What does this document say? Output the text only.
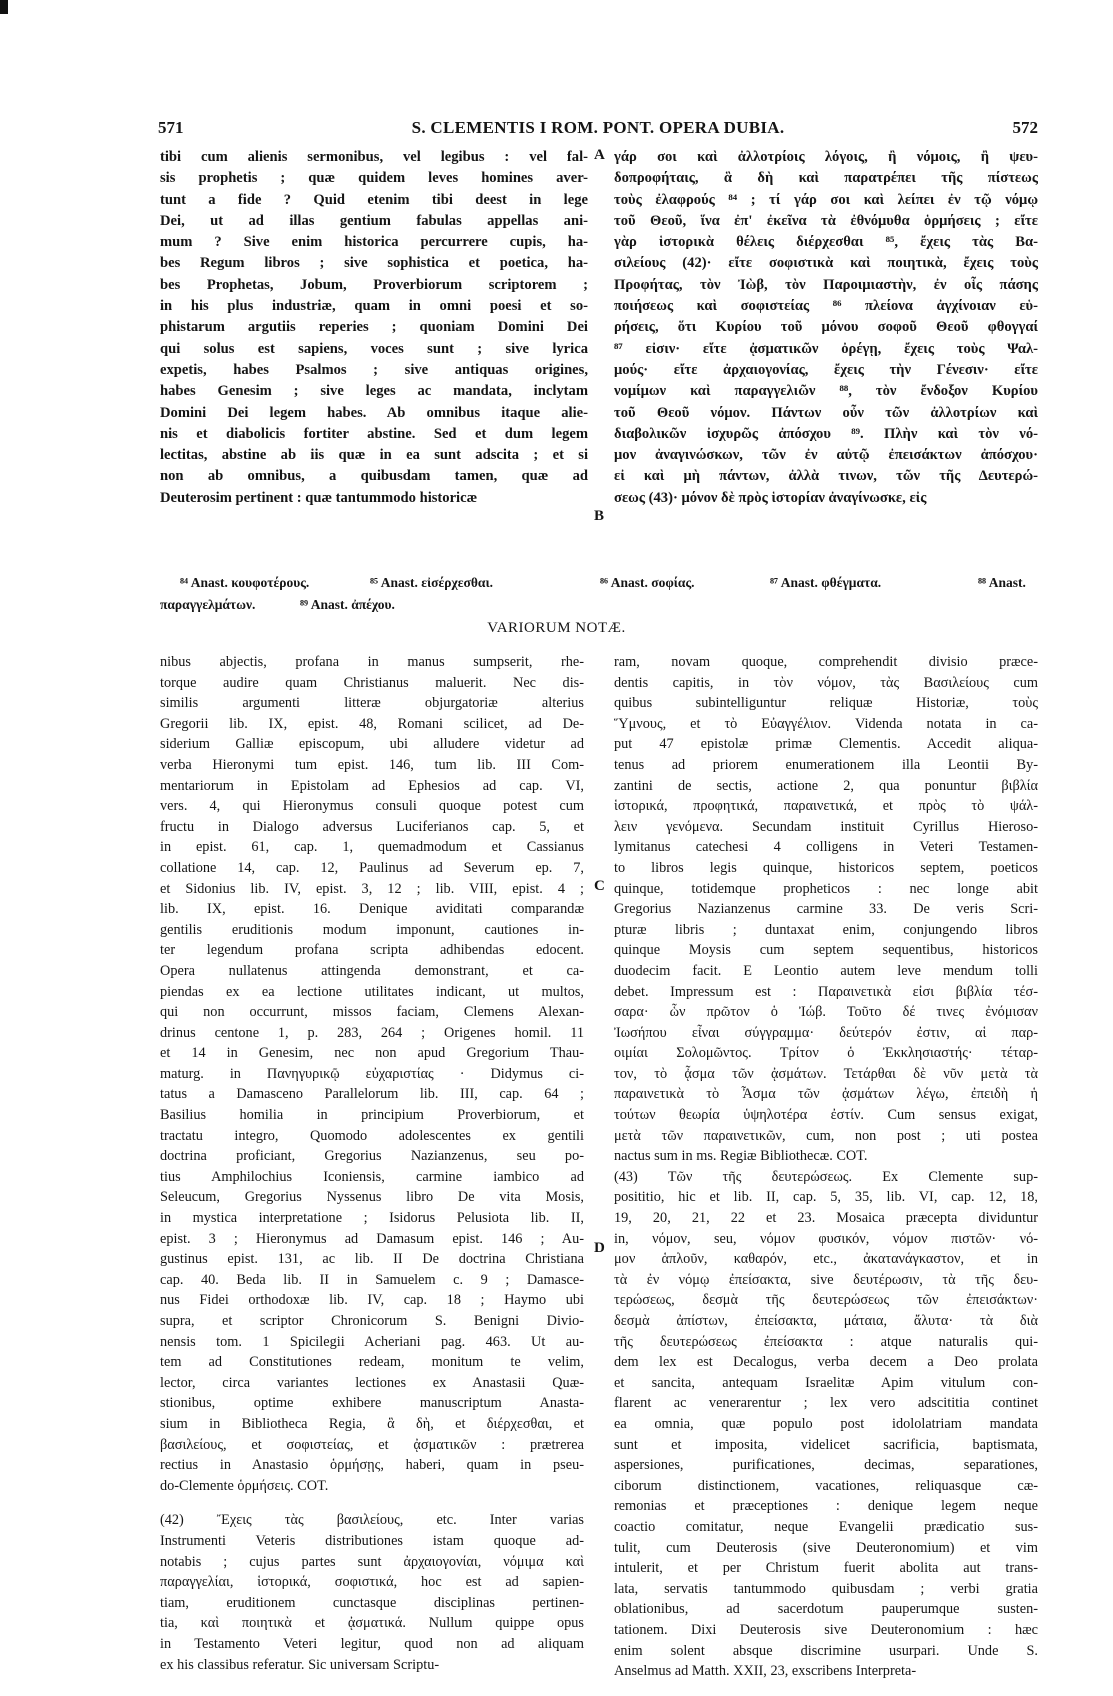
571	S. CLEMENTIS I ROM. PONT. OPERA DUBIA.	572
tibi cum alienis sermonibus, vel legibus : vel fal-
sis prophetis ; quæ quidem leves homines aver-
tunt a fide ? Quid etenim tibi deest in lege
Dei, ut ad illas gentium fabulas appellas ani-
mum ? Sive enim historica percurrere cupis, ha-
bes Regum libros ; sive sophistica et poetica, ha-
bes Prophetas, Jobum, Proverbiorum scriptorem ;
in his plus industriæ, quam in omni poesi et so-
phistarum argutiis reperies ; quoniam Domini Dei
qui solus est sapiens, voces sunt ; sive lyrica
expetis, habes Psalmos ; sive antiquas origines,
habes Genesim ; sive leges ac mandata, inclytam
Domini Dei legem habes. Ab omnibus itaque alie-
nis et diabolicis fortiter abstine. Sed et dum legem
lectitas, abstine ab iis quæ in ea sunt adscita ; et si
non ab omnibus, a quibusdam tamen, quæ ad
Deuterosim pertinent : quæ tantummodo historicæ
γάρ σοι καὶ ἀλλοτρίοις λόγοις, ἢ νόμοις, ἢ ψευ-
δοπροφήταις, ἃ δὴ καὶ παρατρέπει τῆς πίστεως
τοὺς ἐλαφρούς ⁸⁴ ; τί γάρ σοι καὶ λείπει ἐν τῷ νόμῳ
τοῦ Θεοῦ, ἵνα ἐπ' ἐκεῖνα τὰ ἐθνόμυθα ὁρμήσεις ; εἴτε
γὰρ ἱστορικὰ θέλεις διέρχεσθαι ⁸⁵, ἔχεις τὰς Βα-
σιλείους (42)· εἴτε σοφιστικὰ καὶ ποιητικὰ, ἔχεις τοὺς
Προφήτας, τὸν Ἰὼβ, τὸν Παροιμιαστὴν, ἐν οἷς πάσης
ποιήσεως καὶ σοφιστείας ⁸⁶ πλείονα ἀγχίνοιαν εὑ-
ρήσεις, ὅτι Κυρίου τοῦ μόνου σοφοῦ Θεοῦ φθογγαί
⁸⁷ εἰσιν· εἴτε ᾀσματικῶν ὀρέγῃ, ἔχεις τοὺς Ψαλ-
μούς· εἴτε ἀρχαιογονίας, ἔχεις τὴν Γένεσιν· εἴτε
νομίμων καὶ παραγγελιῶν ⁸⁸, τὸν ἔνδοξον Κυρίου
τοῦ Θεοῦ νόμον. Πάντων οὖν τῶν ἀλλοτρίων καὶ
διαβολικῶν ἰσχυρῶς ἀπόσχου ⁸⁹. Πλὴν καὶ τὸν νό-
μον ἀναγινώσκων, τῶν ἐν αὐτῷ ἐπεισάκτων ἀπόσχου·
εἰ καὶ μὴ πάντων, ἀλλὰ τινων, τῶν τῆς Δευτερώ-
σεως (43)· μόνον δὲ πρὸς ἱστορίαν ἀναγίνωσκε, εἰς
A
B
C
D
⁸⁴ Anast. κουφοτέρους.	⁸⁵ Anast. εἰσέρχεσθαι.	⁸⁶ Anast. σοφίας.	⁸⁷ Anast. φθέγματα.	⁸⁸ Anast.
παραγγελμάτων.	⁸⁹ Anast. ἀπέχου.
VARIORUM NOTÆ.
nibus abjectis, profana in manus sumpserit, rhe-
torque audire quam Christianus maluerit. Nec dis-
similis argumenti litteræ objurgatoriæ alterius
Gregorii lib. IX, epist. 48, Romani scilicet, ad De-
siderium Galliæ episcopum, ubi alludere videtur ad
verba Hieronymi tum epist. 146, tum lib. III Com-
mentariorum in Epistolam ad Ephesios ad cap. VI,
vers. 4, qui Hieronymus consuli quoque potest cum
fructu in Dialogo adversus Luciferianos cap. 5, et
in epist. 61, cap. 1, quemadmodum et Cassianus
collatione 14, cap. 12, Paulinus ad Severum ep. 7,
et Sidonius lib. IV, epist. 3, 12 ; lib. VIII, epist. 4 ;
lib. IX, epist. 16. Denique aviditati comparandæ
gentilis eruditionis modum imponunt, cautiones in-
ter legendum profana scripta adhibendas edocent.
Opera nullatenus attingenda demonstrant, et ca-
piendas ex ea lectione utilitates indicant, ut multos,
qui non occurrunt, missos faciam, Clemens Alexan-
drinus centone 1, p. 283, 264 ; Origenes homil. 11
et 14 in Genesim, nec non apud Gregorium Thau-
maturg. in Πανηγυρικῷ εὐχαριστίας · Didymus ci-
tatus a Damasceno Parallelorum lib. III, cap. 64 ;
Basilius homilia in principium Proverbiorum, et
tractatu integro, Quomodo adolescentes ex gentili
doctrina proficiant, Gregorius Nazianzenus, seu po-
tius Amphilochius Iconiensis, carmine iambico ad
Seleucum, Gregorius Nyssenus libro De vita Mosis,
in mystica interpretatione ; Isidorus Pelusiota lib. II,
epist. 3 ; Hieronymus ad Damasum epist. 146 ; Au-
gustinus epist. 131, ac lib. II De doctrina Christiana
cap. 40. Beda lib. II in Samuelem c. 9 ; Damasce-
nus Fidei orthodoxæ lib. IV, cap. 18 ; Haymo ubi
supra, et scriptor Chronicorum S. Benigni Divio-
nensis tom. 1 Spicilegii Acheriani pag. 463. Ut au-
tem ad Constitutiones redeam, monitum te velim,
lector, circa variantes lectiones ex Anastasii Quæ-
stionibus, optime exhibere manuscriptum Anasta-
sium in Bibliotheca Regia, ἃ δὴ, et διέρχεσθαι, et
βασιλείους, et σοφιστείας, et ᾀσματικῶν : prætrerea
rectius in Anastasio ὁρμήσῃς, haberi, quam in pseu-
do-Clemente ὁρμήσεις. COT.
(42) Ἔχεις τὰς βασιλείους, etc. Inter varias
Instrumenti Veteris distributiones istam quoque ad-
notabis ; cujus partes sunt ἀρχαιογονίαι, νόμιμα καὶ
παραγγελίαι, ἱστορικά, σοφιστικά, hoc est ad sapien-
tiam, eruditionem cunctasque disciplinas pertinen-
tia, καὶ ποιητικὰ et ᾀσματικά. Nullum quippe opus
in Testamento Veteri legitur, quod non ad aliquam
ex his classibus referatur. Sic universam Scriptu-
ram, novam quoque, comprehendit divisio præce-
dentis capitis, in τὸν νόμον, τὰς Βασιλείους cum
quibus subintelliguntur reliquæ Historiæ, τοὺς
Ὕμνους, et τὸ Εὐαγγέλιον. Videnda notata in ca-
put 47 epistolæ primæ Clementis. Accedit aliqua-
tenus ad priorem enumerationem illa Leontii By-
zantini de sectis, actione 2, qua ponuntur βιβλία
ἱστορικά, προφητικά, παραινετικά, et πρὸς τὸ ψάλ-
λειν γενόμενα. Secundam instituit Cyrillus Hieroso-
lymitanus catechesi 4 colligens in Veteri Testamen-
to libros legis quinque, historicos septem, poeticos
quinque, totidemque propheticos : nec longe abit
Gregorius Nazianzenus carmine 33. De veris Scri-
pturæ libris ; duntaxat enim, conjungendo libros
quinque Moysis cum septem sequentibus, historicos
duodecim facit. E Leontio autem leve mendum tolli
debet. Impressum est : Παραινετικὰ εἰσι βιβλία τέσ-
σαρα· ὧν πρῶτον ὁ Ἰώβ. Τοῦτο δέ τινες ἐνόμισαν
Ἰωσήπου εἶναι σύγγραμμα· δεύτερόν ἐστιν, αἱ παρ-
οιμίαι Σολομῶντος. Τρίτον ὁ Ἐκκλησιαστής· τέταρ-
τον, τὸ ᾆσμα τῶν ᾀσμάτων. Τετάρθαι δὲ νῦν μετὰ τὰ
παραινετικὰ τὸ Ἆσμα τῶν ᾀσμάτων λέγω, ἐπειδὴ ἡ
τούτων θεωρία ὑψηλοτέρα ἐστίν. Cum sensus exigat,
μετὰ τῶν παραινετικῶν, cum, non post ; uti postea
nactus sum in ms. Regiæ Bibliothecæ. COT.
(43) Τῶν τῆς δευτερώσεως. Ex Clemente sup-
posititio, hic et lib. II, cap. 5, 35, lib. VI, cap. 12, 18,
19, 20, 21, 22 et 23. Mosaica præcepta dividuntur
in, νόμον, seu, νόμον φυσικόν, νόμον πιστῶν· νό-
μον ἁπλοῦν, καθαρόν, etc., ἀκατανάγκαστον, et in
τὰ ἐν νόμῳ ἐπείσακτα, sive δευτέρωσιν, τὰ τῆς δευ-
τερώσεως, δεσμὰ τῆς δευτερώσεως τῶν ἐπεισάκτων·
δεσμὰ ἀπίστων, ἐπείσακτα, μάταια, ἄλυτα· τὰ διὰ
τῆς δευτερώσεως ἐπείσακτα : atque naturalis qui-
dem lex est Decalogus, verba decem a Deo prolata
et sancita, antequam Israelitæ Apim vitulum con-
flarent ac venerarentur ; lex vero adscititia continet
ea omnia, quæ populo post idololatriam mandata
sunt et imposita, videlicet sacrificia, baptismata,
aspersiones, purificationes, decimas, separationes,
ciborum distinctionem, vacationes, reliquasque cæ-
remonias et præceptiones : denique legem neque
coactio comitatur, neque Evangelii prædicatio sus-
tulit, cum Deuterosis (sive Deuteronomium) et vim
intulerit, et per Christum fuerit abolita aut trans-
lata, servatis tantummodo quibusdam ; verbi gratia
oblationibus, ad sacerdotum pauperumque susten-
tationem. Dixi Deuterosis sive Deuteronomium : hæc
enim solent absque discrimine usurpari. Unde S.
Anselmus ad Matth. XXII, 23, exscribens Interpreta-
